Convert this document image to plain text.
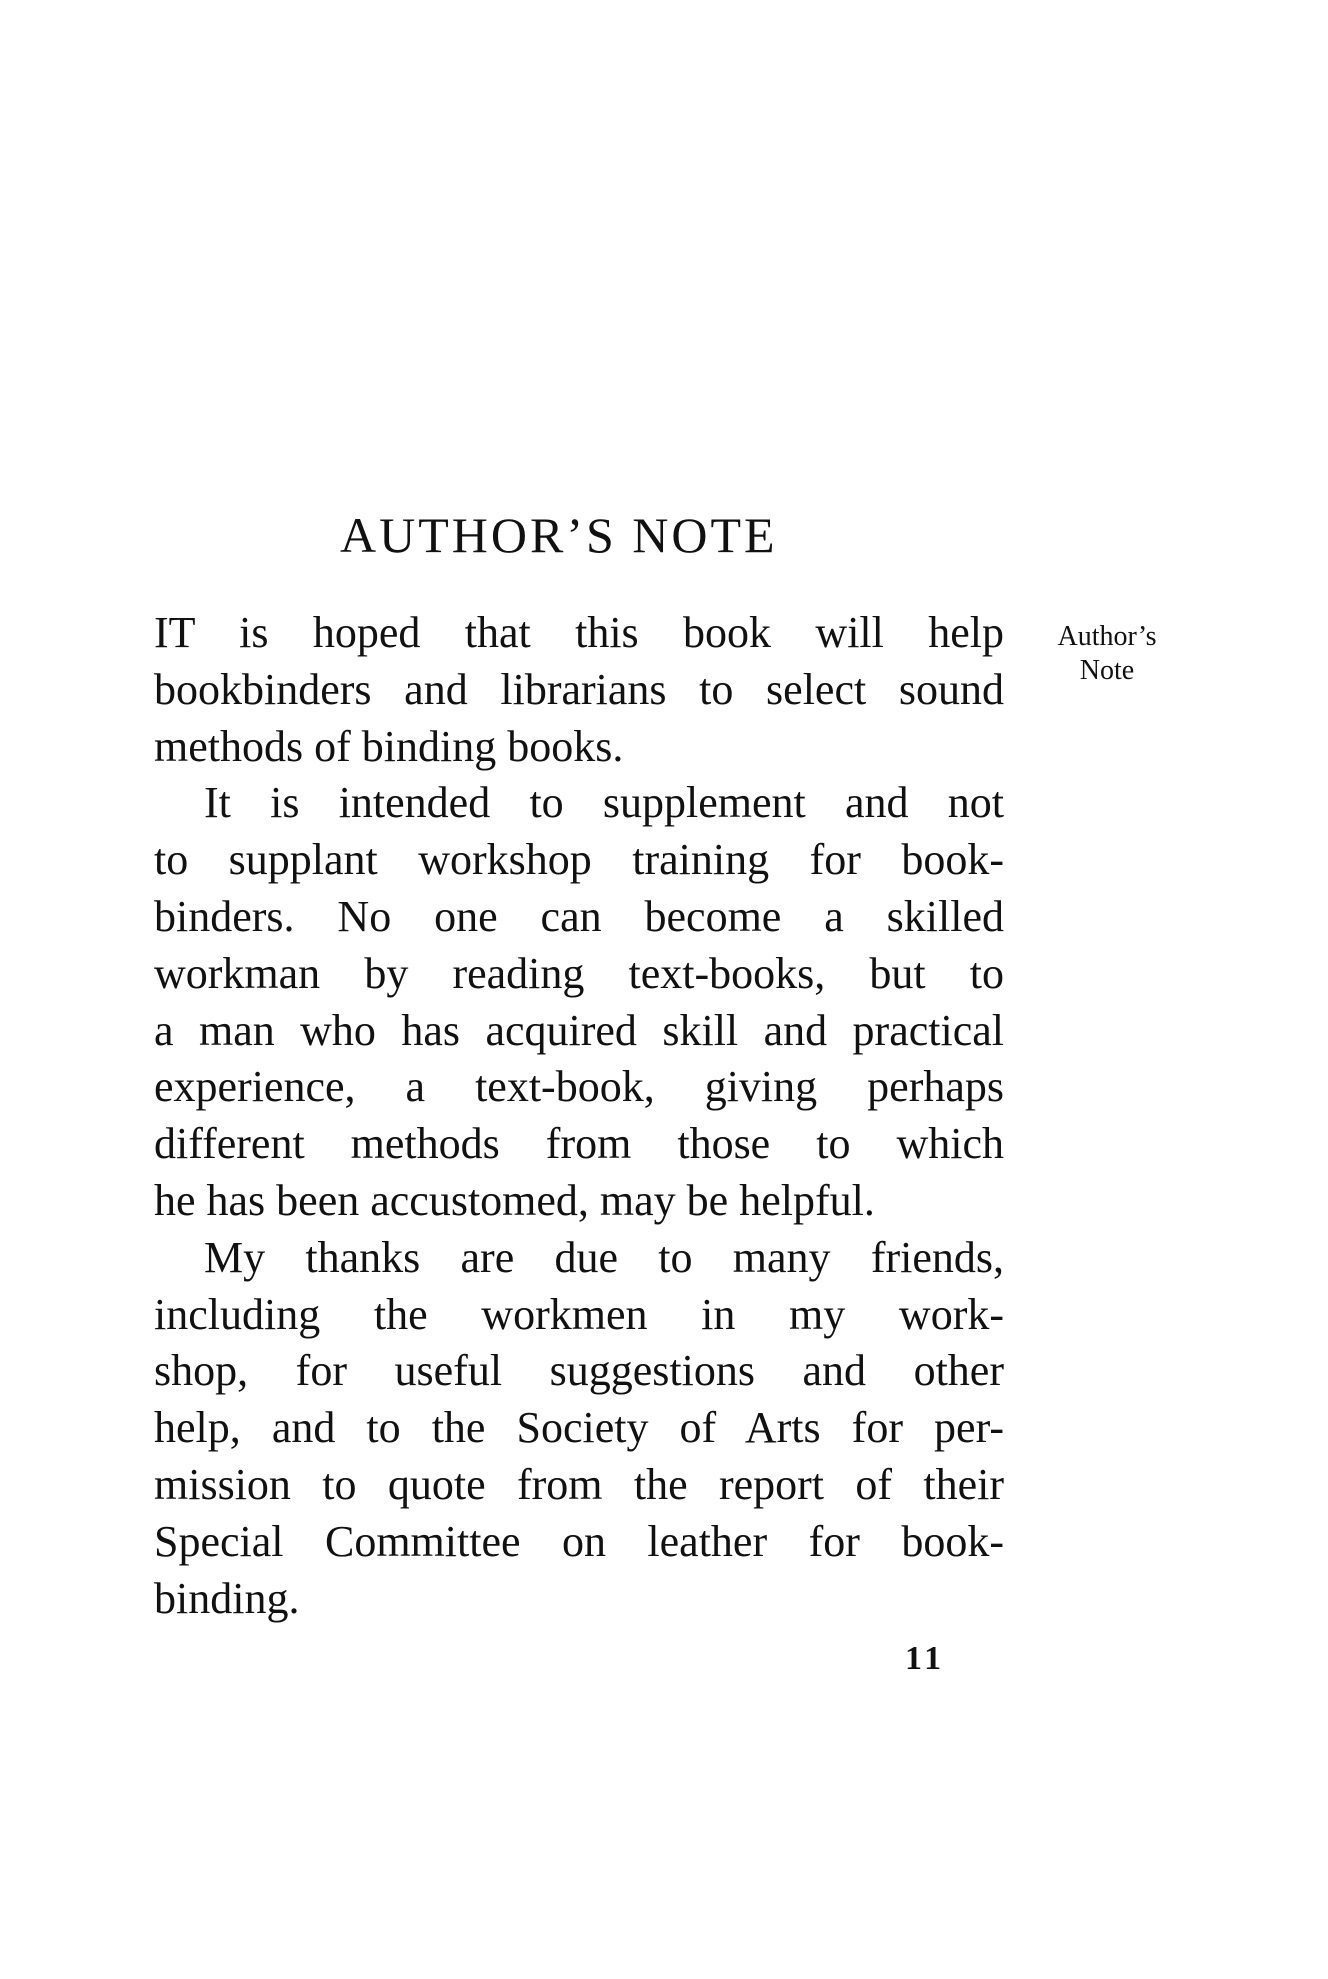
AUTHOR’S NOTE
Author’s
Note
IT is hoped that this book will help
bookbinders and librarians to select sound
methods of binding books.
It is intended to supplement and not
to supplant workshop training for book-
binders. No one can become a skilled
workman by reading text-books, but to
a man who has acquired skill and practical
experience, a text-book, giving perhaps
different methods from those to which
he has been accustomed, may be helpful.
My thanks are due to many friends,
including the workmen in my work-
shop, for useful suggestions and other
help, and to the Society of Arts for per-
mission to quote from the report of their
Special Committee on leather for book-
binding.
11
